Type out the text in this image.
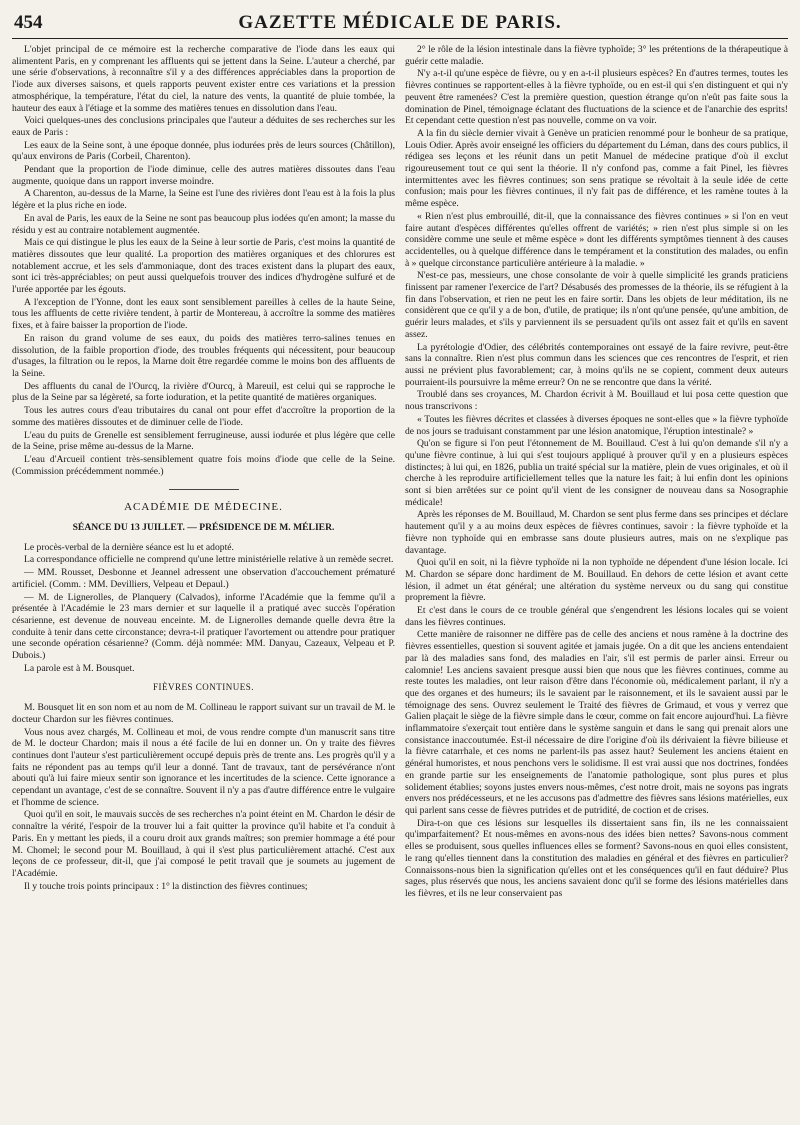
454	GAZETTE MÉDICALE DE PARIS.

L'objet principal de ce mémoire est la recherche comparative de l'iode dans les eaux qui alimentent Paris, en y comprenant les affluents qui se jettent dans la Seine. L'auteur a cherché, par une série d'observations, à reconnaître s'il y a des différences appréciables dans la proportion de l'iode aux diverses saisons, et quels rapports peuvent exister entre ces variations et la pression atmosphérique, la température, l'état du ciel, la nature des vents, la quantité de pluie tombée, la hauteur des eaux à l'étiage et la somme des matières tenues en dissolution dans l'eau.

Voici quelques-unes des conclusions principales que l'auteur a déduites de ses recherches sur les eaux de Paris :

Les eaux de la Seine sont, à une époque donnée, plus iodurées près de leurs sources (Châtillon), qu'aux environs de Paris (Corbeil, Charenton).

Pendant que la proportion de l'iode diminue, celle des autres matières dissoutes dans l'eau augmente, quoique dans un rapport inverse moindre.

A Charenton, au-dessus de la Marne, la Seine est l'une des rivières dont l'eau est à la fois la plus légère et la plus riche en iode.

En aval de Paris, les eaux de la Seine ne sont pas beaucoup plus iodées qu'en amont; la masse du résidu y est au contraire notablement augmentée.

Mais ce qui distingue le plus les eaux de la Seine à leur sortie de Paris, c'est moins la quantité de matières dissoutes que leur qualité. La proportion des matières organiques et des chlorures est notablement accrue, et les sels d'ammoniaque, dont des traces existent dans la plupart des eaux, sont ici très-appréciables; on peut aussi quelquefois trouver des indices d'hydrogène sulfuré et de l'urée apportée par les égouts.

A l'exception de l'Yonne, dont les eaux sont sensiblement pareilles à celles de la haute Seine, tous les affluents de cette rivière tendent, à partir de Montereau, à accroître la somme des matières fixes, et à faire baisser la proportion de l'iode.

En raison du grand volume de ses eaux, du poids des matières terro-salines tenues en dissolution, de la faible proportion d'iode, des troubles fréquents qui nécessitent, pour beaucoup d'usages, la filtration ou le repos, la Marne doit être regardée comme le moins bon des affluents de la Seine.

Des affluents du canal de l'Ourcq, la rivière d'Ourcq, à Mareuil, est celui qui se rapproche le plus de la Seine par sa légèreté, sa forte ioduration, et la petite quantité de matières organiques.

Tous les autres cours d'eau tributaires du canal ont pour effet d'accroître la proportion de la somme des matières dissoutes et de diminuer celle de l'iode.

L'eau du puits de Grenelle est sensiblement ferrugineuse, aussi iodurée et plus légère que celle de la Seine, prise même au-dessus de la Marne.

L'eau d'Arcueil contient très-sensiblement quatre fois moins d'iode que celle de la Seine. (Commission précédemment nommée.)

ACADÉMIE DE MÉDECINE.
SÉANCE DU 13 JUILLET. — PRÉSIDENCE DE M. MÉLIER.

Le procès-verbal de la dernière séance est lu et adopté.

La correspondance officielle ne comprend qu'une lettre ministérielle relative à un remède secret.

— MM. Rousset, Desbonne et Jeannel adressent une observation d'accouchement prématuré artificiel. (Comm. : MM. Devilliers, Velpeau et Depaul.)

— M. de Lignerolles, de Planquery (Calvados), informe l'Académie que la femme qu'il a présentée à l'Académie le 23 mars dernier et sur laquelle il a pratiqué avec succès l'opération césarienne, est devenue de nouveau enceinte. M. de Lignerolles demande quelle devra être la conduite à tenir dans cette circonstance; devra-t-il pratiquer l'avortement ou attendre pour pratiquer une seconde opération césarienne? (Comm. déjà nommée: MM. Danyau, Cazeaux, Velpeau et P. Dubois.)

La parole est à M. Bousquet.

FIÈVRES CONTINUES.

M. Bousquet lit en son nom et au nom de M. Collineau le rapport suivant sur un travail de M. le docteur Chardon sur les fièvres continues.

Vous nous avez chargés, M. Collineau et moi, de vous rendre compte d'un manuscrit sans titre de M. le docteur Chardon; mais il nous a été facile de lui en donner un. On y traite des fièvres continues dont l'auteur s'est particulièrement occupé depuis près de trente ans. Les progrès qu'il y a faits ne répondent pas au temps qu'il leur a donné. Tant de travaux, tant de persévérance n'ont abouti qu'à lui faire mieux sentir son ignorance et les incertitudes de la science. Cette ignorance a cependant un avantage, c'est de se connaître. Souvent il n'y a pas d'autre différence entre le vulgaire et l'homme de science.

Quoi qu'il en soit, le mauvais succès de ses recherches n'a point éteint en M. Chardon le désir de connaître la vérité, l'espoir de la trouver lui a fait quitter la province qu'il habite et l'a conduit à Paris. En y mettant les pieds, il a couru droit aux grands maîtres; son premier hommage a été pour M. Chomel; le second pour M. Bouillaud, à qui il s'est plus particulièrement attaché. C'est aux leçons de ce professeur, dit-il, que j'ai composé le petit travail que je soumets au jugement de l'Académie.

Il y touche trois points principaux : 1° la distinction des fièvres continues;

2° le rôle de la lésion intestinale dans la fièvre typhoïde; 3° les prétentions de la thérapeutique à guérir cette maladie.

N'y a-t-il qu'une espèce de fièvre, ou y en a-t-il plusieurs espèces? En d'autres termes, toutes les fièvres continues se rapportent-elles à la fièvre typhoïde, ou en est-il qui s'en distinguent et qui n'y peuvent être ramenées? C'est la première question, question étrange qu'on n'eût pas faite sous la domination de Pinel, témoignage éclatant des fluctuations de la science et de l'anarchie des esprits! Et cependant cette question n'est pas nouvelle, comme on va voir.

A la fin du siècle dernier vivait à Genève un praticien renommé pour le bonheur de sa pratique, Louis Odier. Après avoir enseigné les officiers du département du Léman, dans des cours publics, il rédigea ses leçons et les réunit dans un petit Manuel de médecine pratique d'où il exclut rigoureusement tout ce qui sent la théorie. Il n'y confond pas, comme a fait Pinel, les fièvres intermittentes avec les fièvres continues; son sens pratique se révoltait à la seule idée de cette confusion; mais pour les fièvres continues, il n'y fait pas de différence, et les ramène toutes à la même espèce.

« Rien n'est plus embrouillé, dit-il, que la connaissance des fièvres continues » si l'on en veut faire autant d'espèces différentes qu'elles offrent de variétés; » rien n'est plus simple si on les considère comme une seule et même espèce » dont les différents symptômes tiennent à des causes accidentelles, ou à quelque différence dans le tempérament et la constitution des malades, ou enfin à » quelque circonstance particulière antérieure à la maladie. »

N'est-ce pas, messieurs, une chose consolante de voir à quelle simplicité les grands praticiens finissent par ramener l'exercice de l'art? Désabusés des promesses de la théorie, ils se réfugient à la fin dans l'observation, et rien ne peut les en faire sortir. Dans les objets de leur méditation, ils ne considèrent que ce qu'il y a de bon, d'utile, de pratique; ils n'ont qu'une pensée, qu'une ambition, de guérir leurs malades, et s'ils y parviennent ils se persuadent qu'ils ont assez fait et qu'ils en savent assez.

La pyrétologie d'Odier, des célébrités contemporaines ont essayé de la faire revivre, peut-être sans la connaître. Rien n'est plus commun dans les sciences que ces rencontres de l'esprit, et rien aussi ne prévient plus favorablement; car, à moins qu'ils ne se copient, comment deux auteurs pourraient-ils poursuivre la même erreur? On ne se rencontre que dans la vérité.

Troublé dans ses croyances, M. Chardon écrivit à M. Bouillaud et lui posa cette question que nous transcrivons :

« Toutes les fièvres décrites et classées à diverses époques ne sont-elles que » la fièvre typhoïde de nos jours se traduisant constamment par une lésion anatomique, l'éruption intestinale? »

Qu'on se figure si l'on peut l'étonnement de M. Bouillaud. C'est à lui qu'on demande s'il n'y a qu'une fièvre continue, à lui qui s'est toujours appliqué à prouver qu'il y en a plusieurs espèces distinctes; à lui qui, en 1826, publia un traité spécial sur la matière, plein de vues originales, et où il cherche à les reproduire artificiellement telles que la nature les fait; à lui enfin dont les opinions sont si bien arrêtées sur ce point qu'il vient de les consigner de nouveau dans sa Nosographie médicale!

Après les réponses de M. Bouillaud, M. Chardon se sent plus ferme dans ses principes et déclare hautement qu'il y a au moins deux espèces de fièvres continues, savoir : la fièvre typhoïde et la fièvre non typhoïde qui en embrasse sans doute plusieurs autres, mais on ne s'explique pas davantage.

Quoi qu'il en soit, ni la fièvre typhoïde ni la non typhoïde ne dépendent d'une lésion locale. Ici M. Chardon se sépare donc hardiment de M. Bouillaud. En dehors de cette lésion et avant cette lésion, il admet un état général; une altération du système nerveux ou du sang qui constitue proprement la fièvre.

Et c'est dans le cours de ce trouble général que s'engendrent les lésions locales qui se voient dans les fièvres continues.

Cette manière de raisonner ne diffère pas de celle des anciens et nous ramène à la doctrine des fièvres essentielles, question si souvent agitée et jamais jugée. On a dit que les anciens entendaient par là des maladies sans fond, des maladies en l'air, s'il est permis de parler ainsi. Erreur ou calomnie! Les anciens savaient presque aussi bien que nous que les fièvres continues, comme au reste toutes les maladies, ont leur raison d'être dans l'économie où, médicalement parlant, il n'y a que des organes et des humeurs; ils le savaient par le raisonnement, et ils le savaient aussi par le témoignage des sens. Ouvrez seulement le Traité des fièvres de Grimaud, et vous y verrez que Galien plaçait le siège de la fièvre simple dans le cœur, comme on fait encore aujourd'hui. La fièvre inflammatoire s'exerçait tout entière dans le système sanguin et dans le sang qui prenait alors une consistance inaccoutumée. Est-il nécessaire de dire l'origine d'où ils dérivaient la fièvre bilieuse et la fièvre catarrhale, et ces noms ne parlent-ils pas assez haut? Seulement les anciens étaient en général humoristes, et nous penchons vers le solidisme. Il est vrai aussi que nos doctrines, fondées en grande partie sur les enseignements de l'anatomie pathologique, sont plus pures et plus solidement établies; soyons justes envers nous-mêmes, c'est notre droit, mais ne soyons pas ingrats envers nos prédécesseurs, et ne les accusons pas d'admettre des fièvres sans lésions matérielles, eux qui parlent sans cesse de fièvres putrides et de putridité, de coction et de crises.

Dira-t-on que ces lésions sur lesquelles ils dissertaient sans fin, ils ne les connaissaient qu'imparfaitement? Et nous-mêmes en avons-nous des idées bien nettes? Savons-nous comment elles se produisent, sous quelles influences elles se forment? Savons-nous en quoi elles consistent, le rang qu'elles tiennent dans la constitution des maladies en général et des fièvres en particulier? Connaissons-nous bien la signification qu'elles ont et les conséquences qu'il en faut déduire? Plus sages, plus réservés que nous, les anciens savaient donc qu'il se forme des lésions matérielles dans les fièvres, et ils ne leur conservaient pas
